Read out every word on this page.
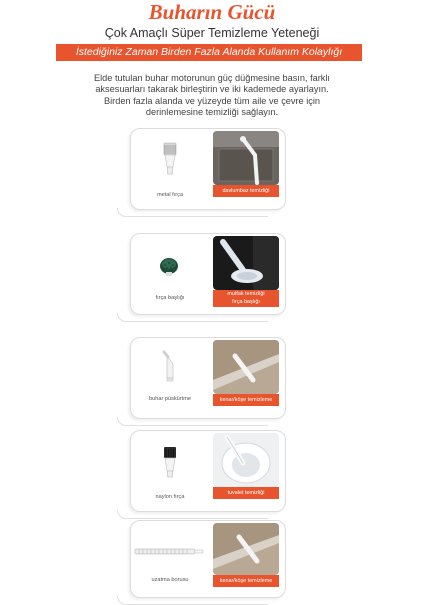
Buharın Gücü
Çok Amaçlı Süper Temizleme Yeteneği
İstediğiniz Zaman Birden Fazla Alanda Kullanım Kolaylığı
Elde tutulan buhar motorunun güç düğmesine basın, farklı
aksesuarları takarak birleştirin ve iki kademede ayarlayın.
Birden fazla alanda ve yüzeyde tüm aile ve çevre için
derinlemesine temizliği sağlayın.
metal fırça
davlumbaz temizliği
fırça başlığı
mutfak temizliği
fırça başlığı
buhar püskürtme	kenar/köşe temizleme
naylon fırça
tuvalet temizliği
uzatma borusu	kenar/köşe temizleme
